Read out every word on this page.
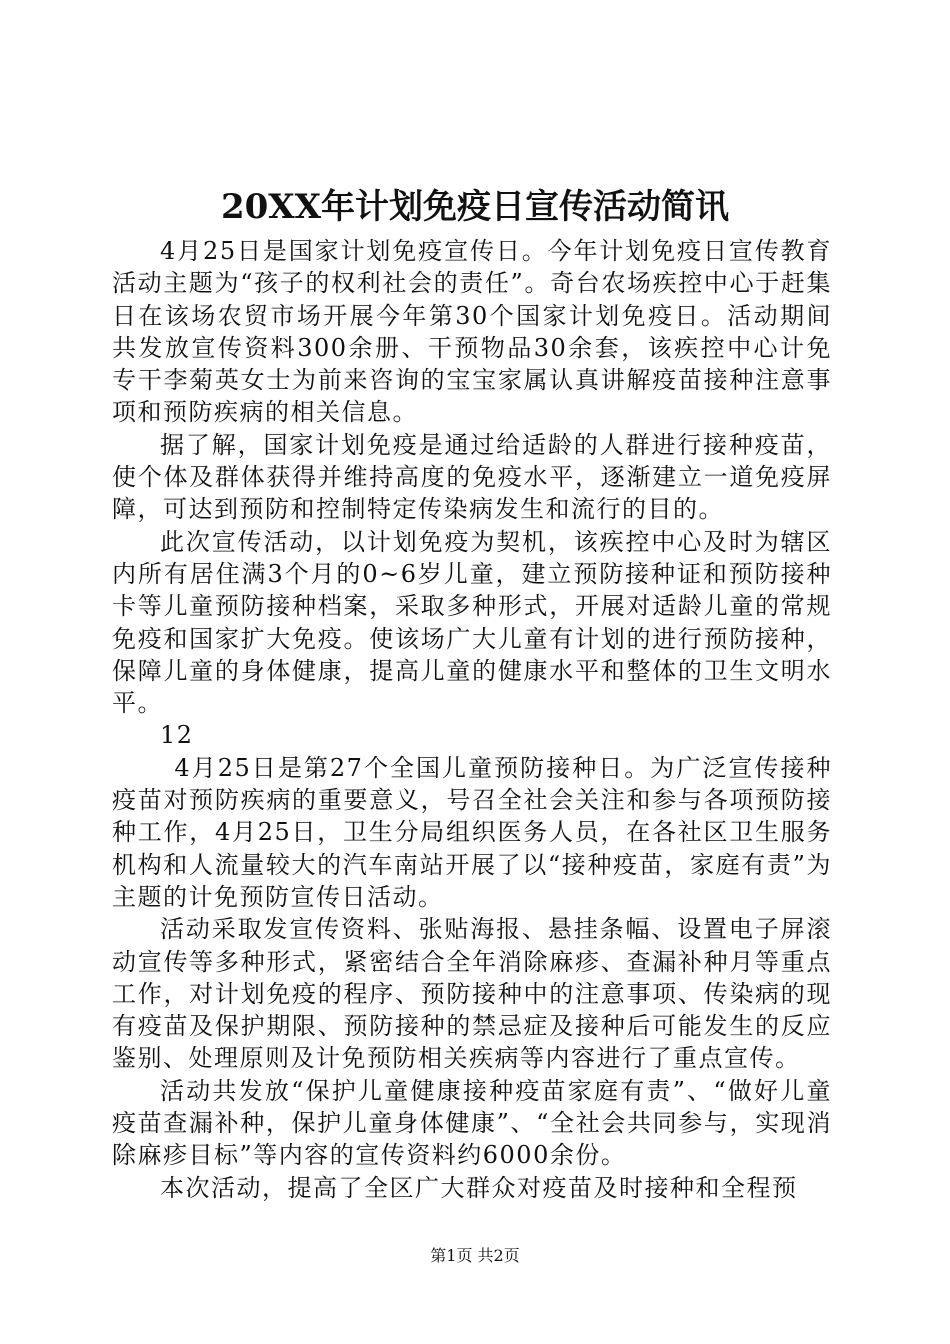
20XX年计划免疫日宣传活动简讯

4月25日是国家计划免疫宣传日。今年计划免疫日宣传教育活动主题为“孩子的权利社会的责任”。奇台农场疾控中心于赶集日在该场农贸市场开展今年第30个国家计划免疫日。活动期间共发放宣传资料300余册、干预物品30余套，该疾控中心计免专干李菊英女士为前来咨询的宝宝家属认真讲解疫苗接种注意事项和预防疾病的相关信息。

据了解，国家计划免疫是通过给适龄的人群进行接种疫苗，使个体及群体获得并维持高度的免疫水平，逐渐建立一道免疫屏障，可达到预防和控制特定传染病发生和流行的目的。

此次宣传活动，以计划免疫为契机，该疾控中心及时为辖区内所有居住满3个月的0~6岁儿童，建立预防接种证和预防接种卡等儿童预防接种档案，采取多种形式，开展对适龄儿童的常规免疫和国家扩大免疫。使该场广大儿童有计划的进行预防接种，保障儿童的身体健康，提高儿童的健康水平和整体的卫生文明水平。

12

4月25日是第27个全国儿童预防接种日。为广泛宣传接种疫苗对预防疾病的重要意义，号召全社会关注和参与各项预防接种工作，4月25日，卫生分局组织医务人员，在各社区卫生服务机构和人流量较大的汽车南站开展了以“接种疫苗，家庭有责”为主题的计免预防宣传日活动。

活动采取发宣传资料、张贴海报、悬挂条幅、设置电子屏滚动宣传等多种形式，紧密结合全年消除麻疹、查漏补种月等重点工作，对计划免疫的程序、预防接种中的注意事项、传染病的现有疫苗及保护期限、预防接种的禁忌症及接种后可能发生的反应鉴别、处理原则及计免预防相关疾病等内容进行了重点宣传。

活动共发放“保护儿童健康接种疫苗家庭有责”、“做好儿童疫苗查漏补种，保护儿童身体健康”、“全社会共同参与，实现消除麻疹目标”等内容的宣传资料约6000余份。

本次活动，提高了全区广大群众对疫苗及时接种和全程预

第1页 共2页
